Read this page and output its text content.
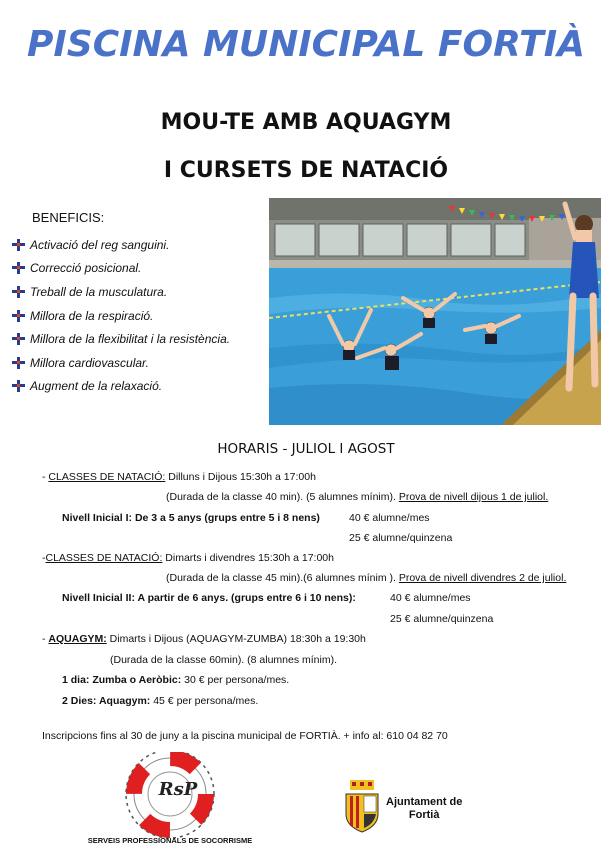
PISCINA MUNICIPAL FORTIÀ
MOU-TE AMB AQUAGYM
I CURSETS DE NATACIÓ
BENEFICIS:
Activació del reg sanguini.
Correcció posicional.
Treball de la musculatura.
Millora de la respiració.
Millora de la flexibilitat i la resistència.
Millora cardiovascular.
Augment de la relaxació.
HORARIS - JULIOL I AGOST
- CLASSES DE NATACIÓ: Dilluns i Dijous 15:30h a 17:00h
(Durada de la classe 40 min). (5 alumnes mínim). Prova de nivell dijous 1 de juliol.
Nivell Inicial I: De 3 a 5 anys (grups entre 5 i 8 nens)	40 € alumne/mes
25 € alumne/quinzena
-CLASSES DE NATACIÓ: Dimarts i divendres 15:30h a 17:00h
(Durada de la classe 45 min).(6 alumnes mínim ). Prova de nivell divendres 2 de juliol.
Nivell Inicial II: A partir de 6 anys. (grups entre 6 i 10 nens):	40 € alumne/mes
25 € alumne/quinzena
- AQUAGYM: Dimarts i Dijous (AQUAGYM-ZUMBA) 18:30h a 19:30h
(Durada de la classe 60min). (8 alumnes mínim).
1 dia: Zumba o Aeròbic: 30 € per persona/mes.
2 Dies: Aquagym: 45 € per persona/mes.
Inscripcions fins al 30 de juny a la piscina municipal de FORTIÀ. + info al: 610 04 82 70
RsP
SERVEIS PROFESSIONALS DE SOCORRISME
Ajuntament de
Fortià
